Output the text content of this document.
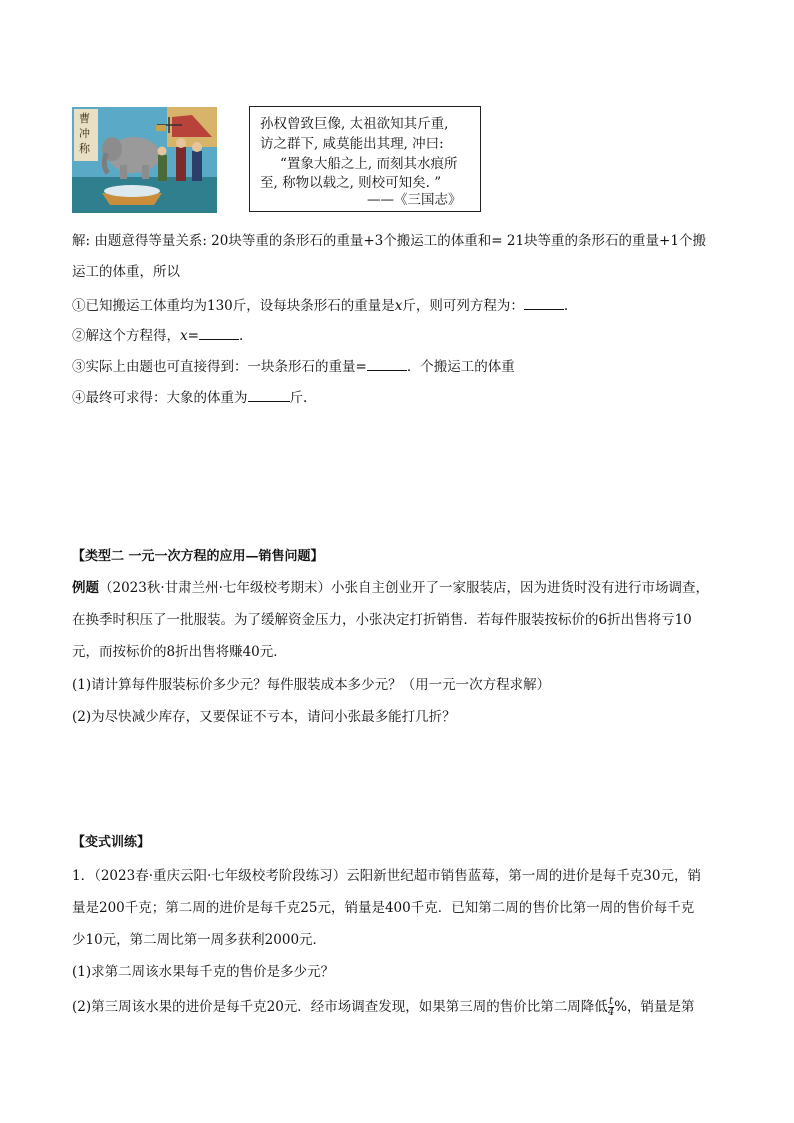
曹
冲
称
孙权曾致巨像, 太祖欲知其斤重,
访之群下, 咸莫能出其理, 冲曰:
“置象大船之上, 而刻其水痕所
至, 称物以载之, 则校可知矣. ”
——《三国志》
解: 由题意得等量关系: 20块等重的条形石的重量+3个搬运工的体重和= 21块等重的条形石的重量+1个搬
运工的体重，所以
①已知搬运工体重均为130斤，设每块条形石的重量是x斤，则可列方程为：	.
②解这个方程得，x=	.
③实际上由题也可直接得到：一块条形石的重量=	．个搬运工的体重
④最终可求得：大象的体重为	斤.
【类型二 一元一次方程的应用—销售问题】
例题（2023秋·甘肃兰州·七年级校考期末）小张自主创业开了一家服装店，因为进货时没有进行市场调查，
在换季时积压了一批服装。为了缓解资金压力，小张决定打折销售．若每件服装按标价的6折出售将亏10
元，而按标价的8折出售将赚40元．
(1)请计算每件服装标价多少元？每件服装成本多少元？（用一元一次方程求解）
(2)为尽快减少库存，又要保证不亏本，请问小张最多能打几折？
【变式训练】
1．（2023春·重庆云阳·七年级校考阶段练习）云阳新世纪超市销售蓝莓，第一周的进价是每千克30元，销
量是200千克；第二周的进价是每千克25元，销量是400千克．已知第二周的售价比第一周的售价每千克
少10元，第二周比第一周多获利2000元．
(1)求第二周该水果每千克的售价是多少元？
(2)第三周该水果的进价是每千克20元．经市场调查发现，如果第三周的售价比第二周降低 $\frac{t}{4}$ %，销量是第
